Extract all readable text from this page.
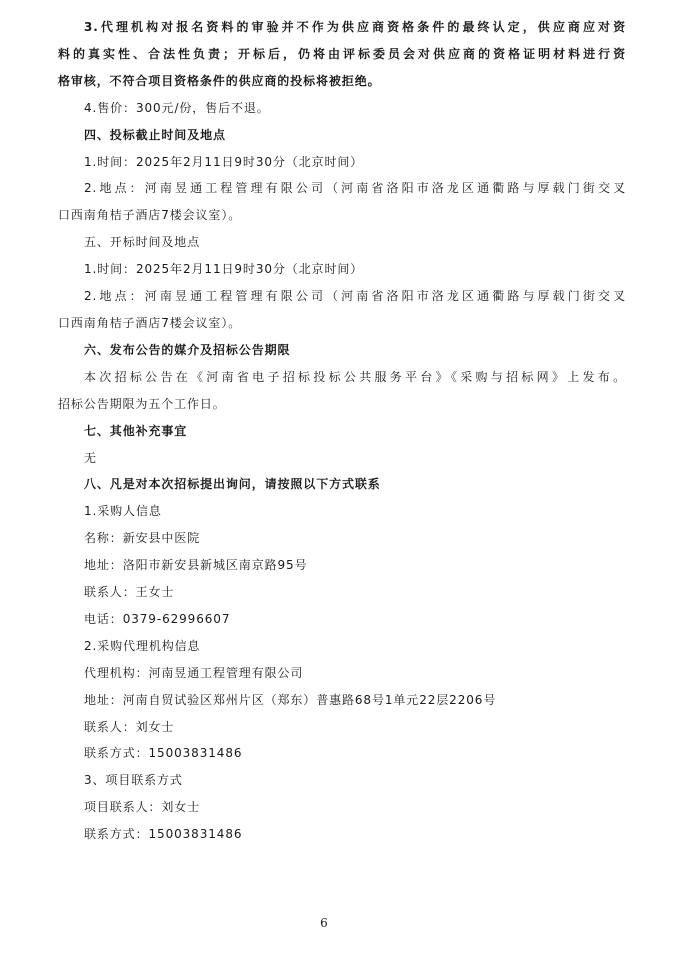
3.代理机构对报名资料的审验并不作为供应商资格条件的最终认定，供应商应对资
料的真实性、合法性负责；开标后，仍将由评标委员会对供应商的资格证明材料进行资
格审核，不符合项目资格条件的供应商的投标将被拒绝。
4.售价：300元/份，售后不退。
四、投标截止时间及地点
1.时间：2025年2月11日9时30分（北京时间）
2.地点：河南昱通工程管理有限公司（河南省洛阳市洛龙区通衢路与厚载门街交叉
口西南角桔子酒店7楼会议室）。
五、开标时间及地点
1.时间：2025年2月11日9时30分（北京时间）
2.地点：河南昱通工程管理有限公司（河南省洛阳市洛龙区通衢路与厚载门街交叉
口西南角桔子酒店7楼会议室）。
六、发布公告的媒介及招标公告期限
本次招标公告在《河南省电子招标投标公共服务平台》《采购与招标网》上发布。
招标公告期限为五个工作日。
七、其他补充事宜
无
八、凡是对本次招标提出询问，请按照以下方式联系
1.采购人信息
名称：新安县中医院
地址：洛阳市新安县新城区南京路95号
联系人：王女士
电话：0379-62996607
2.采购代理机构信息
代理机构：河南昱通工程管理有限公司
地址：河南自贸试验区郑州片区（郑东）普惠路68号1单元22层2206号
联系人：刘女士
联系方式：15003831486
3、项目联系方式
项目联系人：刘女士
联系方式：15003831486
6
